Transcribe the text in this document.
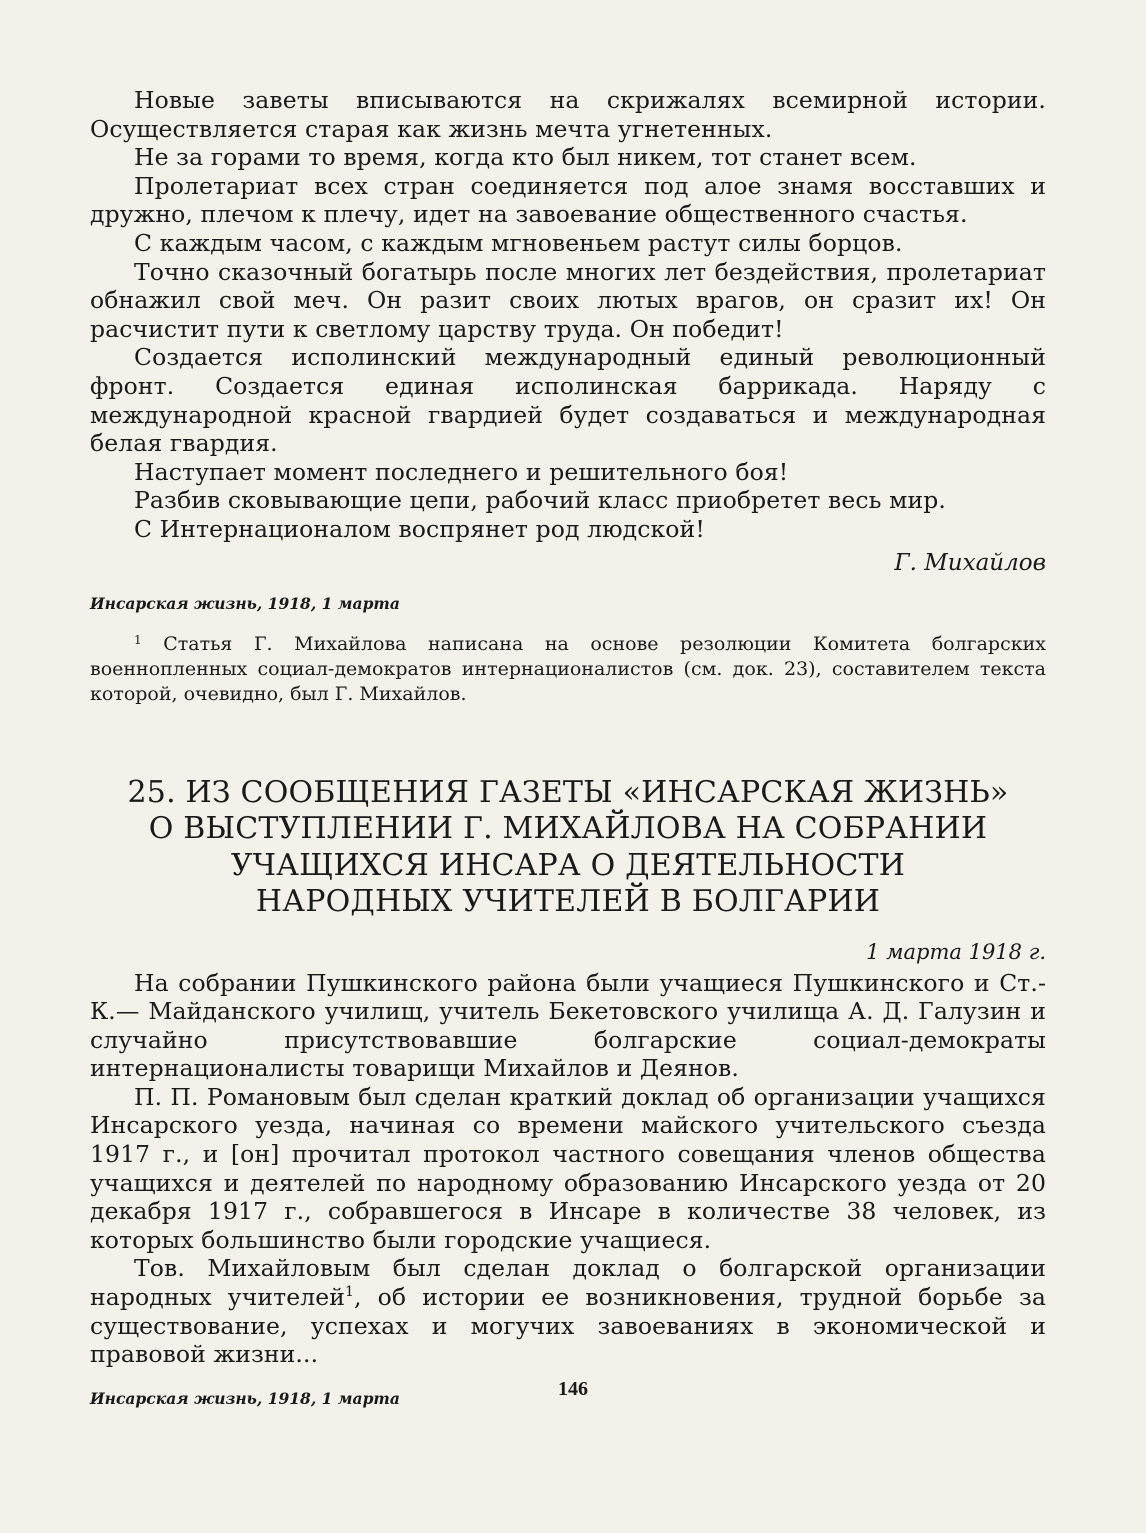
Новые заветы вписываются на скрижалях всемирной истории. Осуществляется старая как жизнь мечта угнетенных.

Не за горами то время, когда кто был никем, тот станет всем.

Пролетариат всех стран соединяется под алое знамя восставших и дружно, плечом к плечу, идет на завоевание общественного счастья.

С каждым часом, с каждым мгновеньем растут силы борцов.

Точно сказочный богатырь после многих лет бездействия, пролетариат обнажил свой меч. Он разит своих лютых врагов, он сразит их! Он расчистит пути к светлому царству труда. Он победит!

Создается исполинский международный единый революционный фронт. Создается единая исполинская баррикада. Наряду с международной красной гвардией будет создаваться и международная белая гвардия.

Наступает момент последнего и решительного боя!

Разбив сковывающие цепи, рабочий класс приобретет весь мир.

С Интернационалом воспрянет род людской!

Г. Михайлов

Инсарская жизнь, 1918, 1 марта

$^1$ Статья Г. Михайлова написана на основе резолюции Комитета болгарских военнопленных социал-демократов интернационалистов (см. док. 23), составителем текста которой, очевидно, был Г. Михайлов.

25. ИЗ СООБЩЕНИЯ ГАЗЕТЫ «ИНСАРСКАЯ ЖИЗНЬ»
О ВЫСТУПЛЕНИИ Г. МИХАЙЛОВА НА СОБРАНИИ
УЧАЩИХСЯ ИНСАРА О ДЕЯТЕЛЬНОСТИ
НАРОДНЫХ УЧИТЕЛЕЙ В БОЛГАРИИ

1 марта 1918 г.

На собрании Пушкинского района были учащиеся Пушкинского и Ст.-К.— Майданского училищ, учитель Бекетовского училища А. Д. Галузин и случайно присутствовавшие болгарские социал-демократы интернационалисты товарищи Михайлов и Деянов.

П. П. Романовым был сделан краткий доклад об организации учащихся Инсарского уезда, начиная со времени майского учительского съезда 1917 г., и [он] прочитал протокол частного совещания членов общества учащихся и деятелей по народному образованию Инсарского уезда от 20 декабря 1917 г., собравшегося в Инсаре в количестве 38 человек, из которых большинство были городские учащиеся.

Тов. Михайловым был сделан доклад о болгарской организации народных учителей$^1$, об истории ее возникновения, трудной борьбе за существование, успехах и могучих завоеваниях в экономической и правовой жизни...

Инсарская жизнь, 1918, 1 марта	146
